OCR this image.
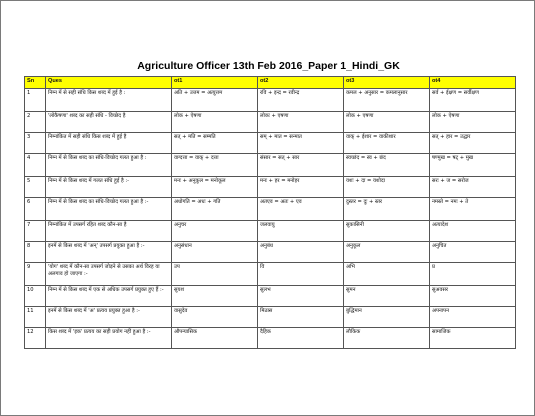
Agriculture Officer 13th Feb 2016_Paper 1_Hindi_GK
Sn	Ques	ot1	ot2	ot3	ot4
1	निम्न में से सही संधि किस शब्द में हुई है :	अति + उत्तम = अत्युत्तम	रवि + इन्द्र = रवीन्द्र	कमल + अनुसार = कमलानुसार	सर्व + ईक्षण = सर्वीक्षण
2	'लोकैषणा' शब्द का सही संधि - विच्छेद है	लोक + ऐषणा	लोकः + एषणा	लोक + एषणा	लोक + ऐषणा
3	निम्नांकित में सही संधि किस शब्द में हुई है	सत् + मति = सम्मति	सम् + मात = सन्मात	वाक् + ईशार = वाकीशार	सत् + हार = उद्धार
4	निम्न में से किस शब्द का संधि-विच्छेद गलत हुआ है :	वाग्दत्ता = वाक् + दत्ता	संसार = सत् + सार	स्वच्छंद = स्व + छंद	षण्मुख = षट् + मुख
5	निम्न में से किस शब्द में गलत संधि हुई है :-	मनः + अनुकूल = मनोकूल	मनः + हर = मनोहर	यशः + दा = यशोदा	सरः + ज = सरोज
6	निम्न में से किस शब्द का संधि-विच्छेद गलत हुआ है :-	अधोगति = अधः + गति	अतएव = अतः + एव	दुस्तर = दुः + स्तर	नमस्ते = नमः + ते
7	निम्नांकित में उपसर्ग रहित शब्द कौन-सा है	अनुचर	जलवायु	सुकासिनी	अत्यादेश
8	इनमें से किस शब्द में 'अन्' उपसर्ग प्रयुक्त हुआ है :-	अनुसंधान	अनुबंध	अनुकूल	अनुचित
9	'योग' शब्द में कौन-सा उपसर्ग जोड़ने से उसका अर्थ विरह या अलगाव हो जाएगा :-	उप	वि	अभि	प्र
10	निम्न में से किस शब्द में एक से अधिक उपसर्ग प्रयुक्त हुए हैं :-	सुयश	सुलभ	सुमन	सुअवसर
11	इनमें से किस शब्द में 'अ' प्रत्यय प्रयुक्त हुआ है :-	वासुदेव	मिठास	बुद्धिमान	अपनापन
12	किस शब्द में 'इक' प्रत्यय का सही प्रयोग नहीं हुआ है :-	औपन्यासिक	दैहिक	लौकिक	सामाजिक
